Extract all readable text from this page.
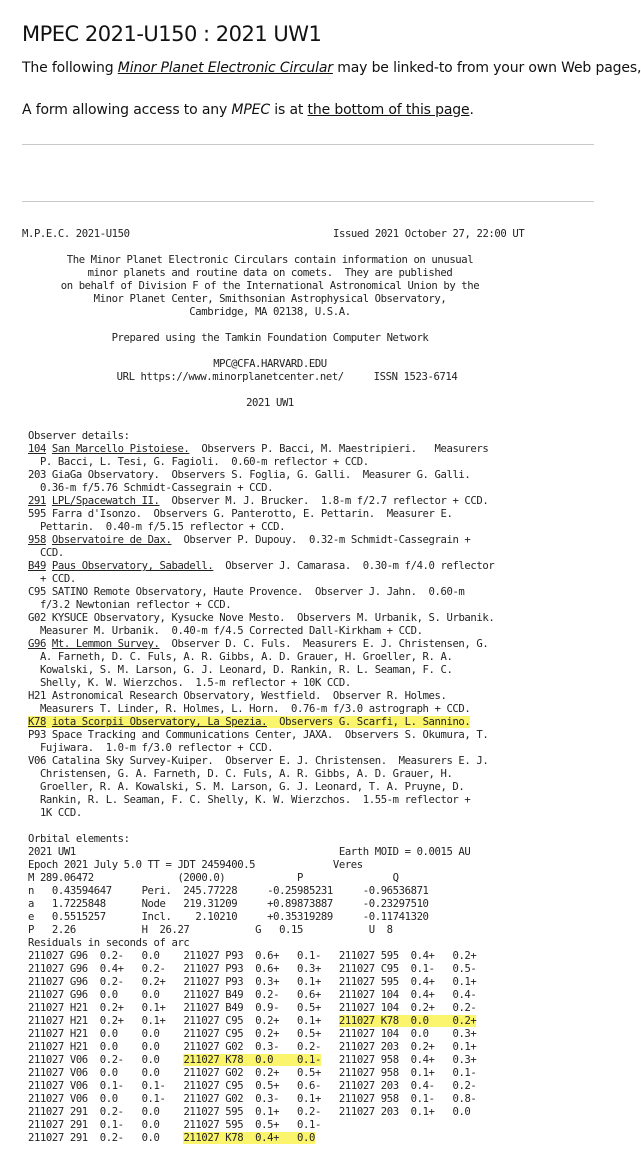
MPEC 2021-U150 : 2021 UW1
The following Minor Planet Electronic Circular may be linked-to from your own Web pages,
A form allowing access to any MPEC is at the bottom of this page.
M.P.E.C. 2021-U150	Issued 2021 October 27, 22:00 UT
The Minor Planet Electronic Circulars contain information on unusual
minor planets and routine data on comets.  They are published
on behalf of Division F of the International Astronomical Union by the
Minor Planet Center, Smithsonian Astrophysical Observatory,
Cambridge, MA 02138, U.S.A.
Prepared using the Tamkin Foundation Computer Network
MPC@CFA.HARVARD.EDU
URL https://www.minorplanetcenter.net/     ISSN 1523-6714
2021 UW1
Observer details:
104 San Marcello Pistoiese.  Observers P. Bacci, M. Maestripieri.   Measurers
P. Bacci, L. Tesi, G. Fagioli.  0.60-m reflector + CCD.
203 GiaGa Observatory.  Observers S. Foglia, G. Galli.  Measurer G. Galli.
0.36-m f/5.76 Schmidt-Cassegrain + CCD.
291 LPL/Spacewatch II.  Observer M. J. Brucker.  1.8-m f/2.7 reflector + CCD.
595 Farra d'Isonzo.  Observers G. Panterotto, E. Pettarin.  Measurer E.
Pettarin.  0.40-m f/5.15 reflector + CCD.
958 Observatoire de Dax.  Observer P. Dupouy.  0.32-m Schmidt-Cassegrain +
CCD.
B49 Paus Observatory, Sabadell.  Observer J. Camarasa.  0.30-m f/4.0 reflector
+ CCD.
C95 SATINO Remote Observatory, Haute Provence.  Observer J. Jahn.  0.60-m
f/3.2 Newtonian reflector + CCD.
G02 KYSUCE Observatory, Kysucke Nove Mesto.  Observers M. Urbanik, S. Urbanik.
Measurer M. Urbanik.  0.40-m f/4.5 Corrected Dall-Kirkham + CCD.
G96 Mt. Lemmon Survey.  Observer D. C. Fuls.  Measurers E. J. Christensen, G.
A. Farneth, D. C. Fuls, A. R. Gibbs, A. D. Grauer, H. Groeller, R. A.
Kowalski, S. M. Larson, G. J. Leonard, D. Rankin, R. L. Seaman, F. C.
Shelly, K. W. Wierzchos.  1.5-m reflector + 10K CCD.
H21 Astronomical Research Observatory, Westfield.  Observer R. Holmes.
Measurers T. Linder, R. Holmes, L. Horn.  0.76-m f/3.0 astrograph + CCD.
K78 iota Scorpii Observatory, La Spezia.  Observers G. Scarfi, L. Sannino.
P93 Space Tracking and Communications Center, JAXA.  Observers S. Okumura, T.
Fujiwara.  1.0-m f/3.0 reflector + CCD.
V06 Catalina Sky Survey-Kuiper.  Observer E. J. Christensen.  Measurers E. J.
Christensen, G. A. Farneth, D. C. Fuls, A. R. Gibbs, A. D. Grauer, H.
Groeller, R. A. Kowalski, S. M. Larson, G. J. Leonard, T. A. Pruyne, D.
Rankin, R. L. Seaman, F. C. Shelly, K. W. Wierzchos.  1.55-m reflector +
1K CCD.
Orbital elements:
2021 UW1                                            Earth MOID = 0.0015 AU
Epoch 2021 July 5.0 TT = JDT 2459400.5             Veres
M 289.06472              (2000.0)            P               Q
n   0.43594647     Peri.  245.77228     -0.25985231     -0.96536871
a   1.7225848      Node   219.31209     +0.89873887     -0.23297510
e   0.5515257      Incl.    2.10210     +0.35319289     -0.11741320
P   2.26           H  26.27           G   0.15           U  8
Residuals in seconds of arc
211027 G96  0.2-   0.0 211027 P93  0.6+   0.1- 211027 595  0.4+   0.2+
211027 G96  0.4+   0.2- 211027 P93  0.6+   0.3+ 211027 C95  0.1-   0.5-
211027 G96  0.2-   0.2+ 211027 P93  0.3+   0.1+ 211027 595  0.4+   0.1+
211027 G96  0.0    0.0 211027 B49  0.2-   0.6+ 211027 104  0.4+   0.4-
211027 H21  0.2+   0.1+ 211027 B49  0.9-   0.5+ 211027 104  0.2+   0.2-
211027 H21  0.2+   0.1+ 211027 C95  0.2+   0.1+ 211027 K78  0.0    0.2+
211027 H21  0.0    0.0 211027 C95  0.2+   0.5+ 211027 104  0.0    0.3+
211027 H21  0.0    0.0 211027 G02  0.3-   0.2- 211027 203  0.2+   0.1+
211027 V06  0.2-   0.0 211027 K78  0.0    0.1- 211027 958  0.4+   0.3+
211027 V06  0.0    0.0 211027 G02  0.2+   0.5+ 211027 958  0.1+   0.1-
211027 V06  0.1-   0.1- 211027 C95  0.5+   0.6- 211027 203  0.4-   0.2-
211027 V06  0.0    0.1- 211027 G02  0.3-   0.1+ 211027 958  0.1-   0.8-
211027 291  0.2-   0.0 211027 595  0.1+   0.2- 211027 203  0.1+   0.0
211027 291  0.1-   0.0 211027 595  0.5+   0.1-
211027 291  0.2-   0.0 211027 K78  0.4+   0.0
